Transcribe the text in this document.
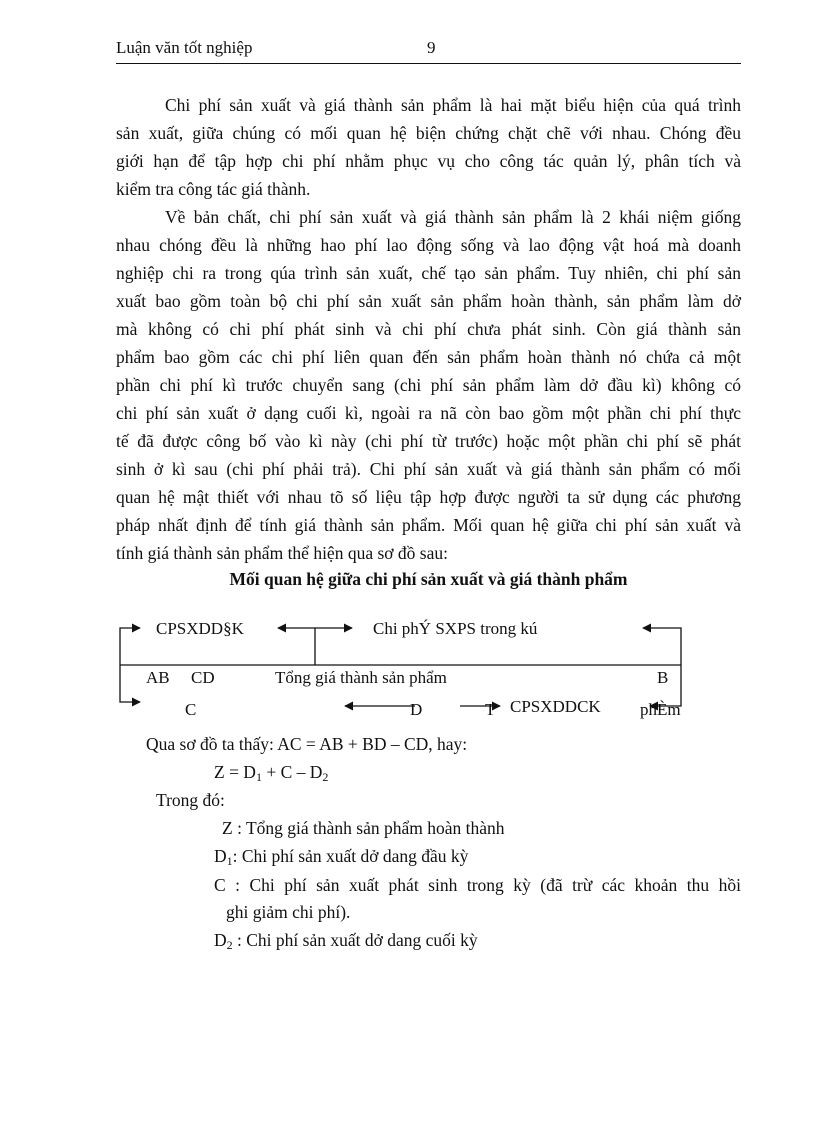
Luận văn tốt nghiệp	9
Chi phí sản xuất và giá thành sản phẩm là hai mặt biểu hiện của quá trình
sản xuất, giữa chúng có mối quan hệ biện chứng chặt chẽ với nhau. Chóng đều
giới hạn để tập hợp chi phí nhằm phục vụ cho công tác quản lý, phân tích và
kiểm tra công tác giá thành.
Về bản chất, chi phí sản xuất và giá thành sản phẩm là 2 khái niệm giống
nhau chóng đều là những hao phí lao động sống và lao động vật hoá mà doanh
nghiệp chi ra trong qúa trình sản xuất, chế tạo sản phẩm. Tuy nhiên, chi phí sản
xuất bao gồm toàn bộ chi phí sản xuất sản phẩm hoàn thành, sản phẩm làm dở
mà không có chi phí phát sinh và chi phí chưa phát sinh. Còn giá thành sản
phẩm bao gồm các chi phí liên quan đến sản phẩm hoàn thành nó chứa cả một
phần chi phí kì trước chuyển sang (chi phí sản phẩm làm dở đầu kì) không có
chi phí sản xuất ở dạng cuối kì, ngoài ra nã còn bao gồm một phần chi phí thực
tế đã được công bố vào kì này (chi phí từ trước) hoặc một phần chi phí sẽ phát
sinh ở kì sau (chi phí phải trả). Chi phí sản xuất và giá thành sản phẩm có mối
quan hệ mật thiết với nhau tõ số liệu tập hợp được người ta sử dụng các phương
pháp nhất định để tính giá thành sản phẩm. Mối quan hệ giữa chi phí sản xuất và
tính giá thành sản phẩm thể hiện qua sơ đồ sau:
Mối quan hệ giữa chi phí sản xuất và giá thành phẩm
CPSXDD§K	Chi phÝ SXPS trong kú
AB CD	Tổng giá thành sản phẩm	B
C	D	T CPSXDDCK phÈm
Qua sơ đồ ta thấy: AC = AB + BD – CD, hay:
$Z = D_1 + C - D_2$
Trong đó:
Z : Tổng giá thành sản phẩm hoàn thành
$D_1$: Chi phí sản xuất dở dang đầu kỳ
C : Chi phí sản xuất phát sinh trong kỳ (đã trừ các khoản thu hồi
ghi giảm chi phí).
$D_2$ : Chi phí sản xuất dở dang cuối kỳ
